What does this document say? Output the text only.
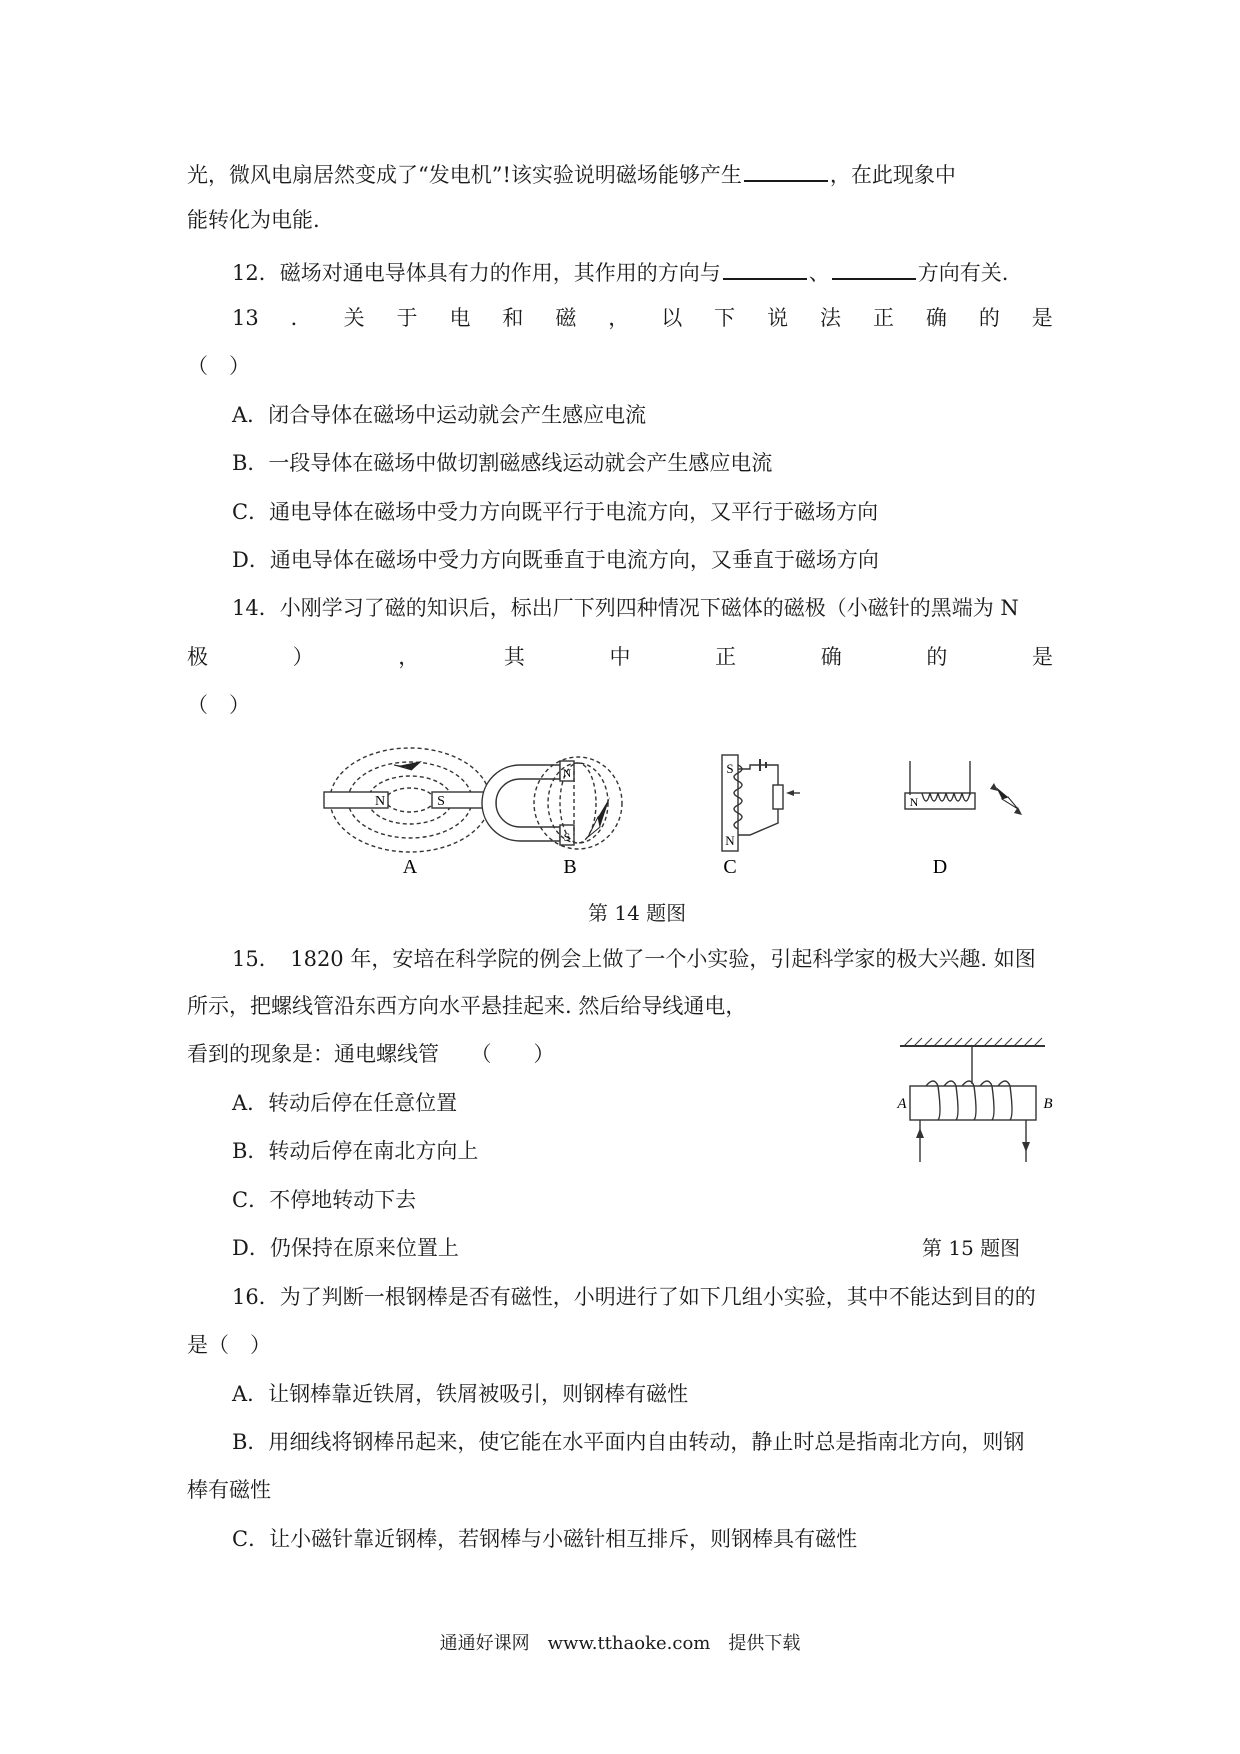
光，微风电扇居然变成了“发电机”!该实验说明磁场能够产生	，在此现象中
能转化为电能.
12．磁场对通电导体具有力的作用，其作用的方向与	、	方向有关.
13 ． 关 于 电 和 磁 ， 以 下 说 法 正 确 的 是
（　）
A．闭合导体在磁场中运动就会产生感应电流
B．一段导体在磁场中做切割磁感线运动就会产生感应电流
C．通电导体在磁场中受力方向既平行于电流方向，又平行于磁场方向
D．通电导体在磁场中受力方向既垂直于电流方向，又垂直于磁场方向
14．小刚学习了磁的知识后，标出厂下列四种情况下磁体的磁极（小磁针的黑端为 N
极	）	，	其	中	正	确	的	是
（　）
N	S
A
N
S
B
S
N
C
N
D
第 14 题图
15．　1820 年，安培在科学院的例会上做了一个小实验，引起科学家的极大兴趣. 如图
所示，把螺线管沿东西方向水平悬挂起来. 然后给导线通电，
看到的现象是：通电螺线管　　（　　）
A．转动后停在任意位置
B．转动后停在南北方向上
C．不停地转动下去
D．仍保持在原来位置上
A	B
第 15 题图
16．为了判断一根钢棒是否有磁性，小明进行了如下几组小实验，其中不能达到目的的
是（　）
A．让钢棒靠近铁屑，铁屑被吸引，则钢棒有磁性
B．用细线将钢棒吊起来，使它能在水平面内自由转动，静止时总是指南北方向，则钢
棒有磁性
C．让小磁针靠近钢棒，若钢棒与小磁针相互排斥，则钢棒具有磁性
通通好课网　www.tthaoke.com　提供下载
